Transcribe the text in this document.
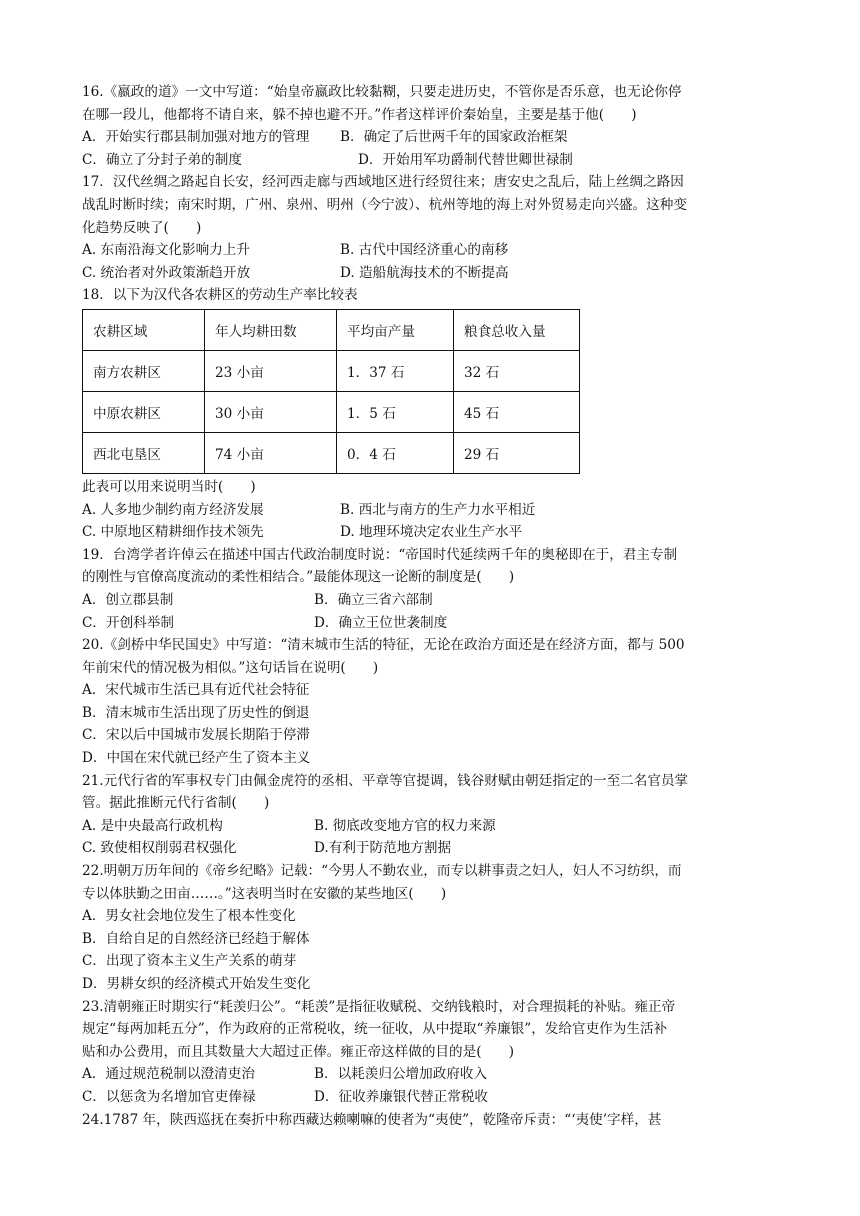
16.《嬴政的道》一文中写道：“始皇帝嬴政比较黏糊，只要走进历史，不管你是否乐意，也无论你停
在哪一段儿，他都将不请自来，躲不掉也避不开。”作者这样评价秦始皇，主要是基于他(　　)
A．开始实行郡县制加强对地方的管理	B．确定了后世两千年的国家政治框架
C．确立了分封子弟的制度	D．开始用军功爵制代替世卿世禄制
17．汉代丝绸之路起自长安，经河西走廊与西域地区进行经贸往来；唐安史之乱后，陆上丝绸之路因
战乱时断时续；南宋时期，广州、泉州、明州（今宁波）、杭州等地的海上对外贸易走向兴盛。这种变
化趋势反映了(　　)
A. 东南沿海文化影响力上升	B. 古代中国经济重心的南移
C. 统治者对外政策渐趋开放	D. 造船航海技术的不断提高
18．以下为汉代各农耕区的劳动生产率比较表
农耕区域	年人均耕田数	平均亩产量	粮食总收入量
南方农耕区	23 小亩	1．37 石	32 石
中原农耕区	30 小亩	1．5 石	45 石
西北屯垦区	74 小亩	0．4 石	29 石
此表可以用来说明当时(　　)
A. 人多地少制约南方经济发展	B. 西北与南方的生产力水平相近
C. 中原地区精耕细作技术领先	D. 地理环境决定农业生产水平
19．台湾学者许倬云在描述中国古代政治制度时说：“帝国时代延续两千年的奥秘即在于，君主专制
的刚性与官僚高度流动的柔性相结合。”最能体现这一论断的制度是(　　)
A．创立郡县制	B．确立三省六部制
C．开创科举制	D．确立王位世袭制度
20.《剑桥中华民国史》中写道：“清末城市生活的特征，无论在政治方面还是在经济方面，都与 500
年前宋代的情况极为相似。”这句话旨在说明(　　)
A．宋代城市生活已具有近代社会特征
B．清末城市生活出现了历史性的倒退
C．宋以后中国城市发展长期陷于停滞
D．中国在宋代就已经产生了资本主义
21.元代行省的军事权专门由佩金虎符的丞相、平章等官提调，钱谷财赋由朝廷指定的一至二名官员掌
管。据此推断元代行省制(　　)
A. 是中央最高行政机构	B. 彻底改变地方官的权力来源
C. 致使相权削弱君权强化	D.有利于防范地方割据
22.明朝万历年间的《帝乡纪略》记载：“今男人不勤农业，而专以耕事责之妇人，妇人不习纺织，而
专以体肤勤之田亩……。”这表明当时在安徽的某些地区(　　)
A．男女社会地位发生了根本性变化
B．自给自足的自然经济已经趋于解体
C．出现了资本主义生产关系的萌芽
D．男耕女织的经济模式开始发生变化
23.清朝雍正时期实行“耗羡归公”。“耗羡”是指征收赋税、交纳钱粮时，对合理损耗的补贴。雍正帝
规定“每两加耗五分”，作为政府的正常税收，统一征收，从中提取“养廉银”，发给官吏作为生活补
贴和办公费用，而且其数量大大超过正俸。雍正帝这样做的目的是(　　)
A．通过规范税制以澄清吏治	B．以耗羡归公增加政府收入
C．以惩贪为名增加官吏俸禄	D．征收养廉银代替正常税收
24.1787 年，陕西巡抚在奏折中称西藏达赖喇嘛的使者为“夷使”，乾隆帝斥责：“‘夷使’字样，甚
